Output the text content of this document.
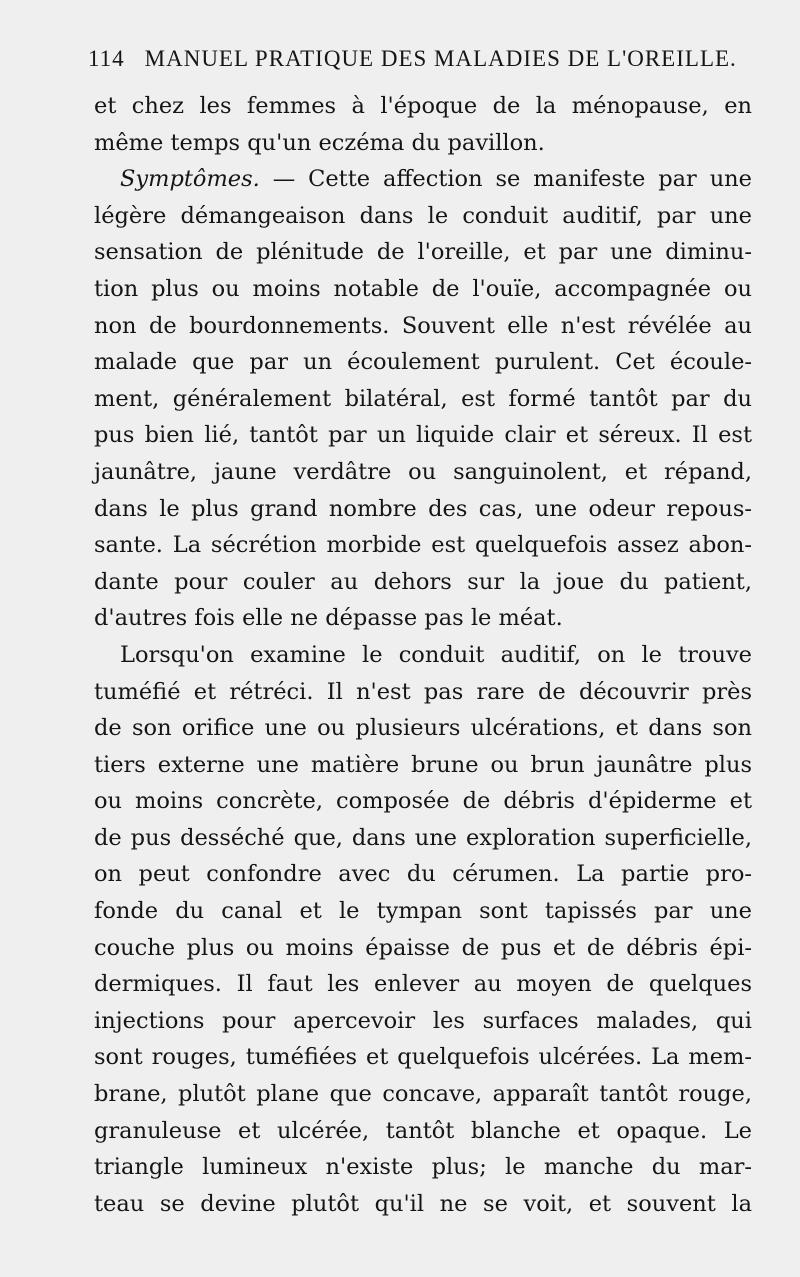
114 MANUEL PRATIQUE DES MALADIES DE L'OREILLE.
et chez les femmes à l'époque de la ménopause, en
même temps qu'un eczéma du pavillon.
Symptômes. — Cette affection se manifeste par une
légère démangeaison dans le conduit auditif, par une
sensation de plénitude de l'oreille, et par une diminu-
tion plus ou moins notable de l'ouïe, accompagnée ou
non de bourdonnements. Souvent elle n'est révélée au
malade que par un écoulement purulent. Cet écoule-
ment, généralement bilatéral, est formé tantôt par du
pus bien lié, tantôt par un liquide clair et séreux. Il est
jaunâtre, jaune verdâtre ou sanguinolent, et répand,
dans le plus grand nombre des cas, une odeur repous-
sante. La sécrétion morbide est quelquefois assez abon-
dante pour couler au dehors sur la joue du patient,
d'autres fois elle ne dépasse pas le méat.
Lorsqu'on examine le conduit auditif, on le trouve
tuméfié et rétréci. Il n'est pas rare de découvrir près
de son orifice une ou plusieurs ulcérations, et dans son
tiers externe une matière brune ou brun jaunâtre plus
ou moins concrète, composée de débris d'épiderme et
de pus desséché que, dans une exploration superficielle,
on peut confondre avec du cérumen. La partie pro-
fonde du canal et le tympan sont tapissés par une
couche plus ou moins épaisse de pus et de débris épi-
dermiques. Il faut les enlever au moyen de quelques
injections pour apercevoir les surfaces malades, qui
sont rouges, tuméfiées et quelquefois ulcérées. La mem-
brane, plutôt plane que concave, apparaît tantôt rouge,
granuleuse et ulcérée, tantôt blanche et opaque. Le
triangle lumineux n'existe plus; le manche du mar-
teau se devine plutôt qu'il ne se voit, et souvent la
